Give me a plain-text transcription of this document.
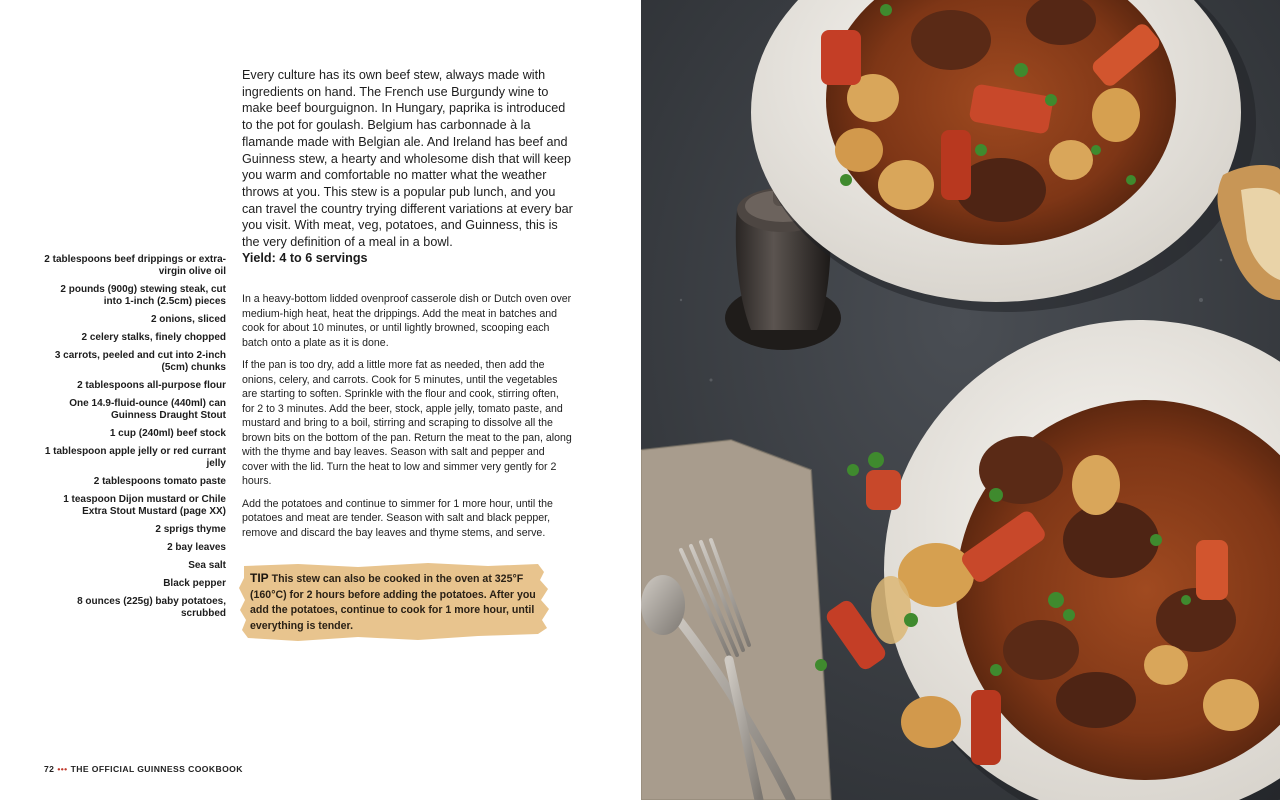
2 tablespoons beef drippings or extra-virgin olive oil
2 pounds (900g) stewing steak, cut into 1-inch (2.5cm) pieces
2 onions, sliced
2 celery stalks, finely chopped
3 carrots, peeled and cut into 2-inch (5cm) chunks
2 tablespoons all-purpose flour
One 14.9-fluid-ounce (440ml) can Guinness Draught Stout
1 cup (240ml) beef stock
1 tablespoon apple jelly or red currant jelly
2 tablespoons tomato paste
1 teaspoon Dijon mustard or Chile Extra Stout Mustard (page XX)
2 sprigs thyme
2 bay leaves
Sea salt
Black pepper
8 ounces (225g) baby potatoes, scrubbed

Every culture has its own beef stew, always made with ingredients on hand. The French use Burgundy wine to make beef bourguignon. In Hungary, paprika is introduced to the pot for goulash. Belgium has carbonnade à la flamande made with Belgian ale. And Ireland has beef and Guinness stew, a hearty and wholesome dish that will keep you warm and comfortable no matter what the weather throws at you. This stew is a popular pub lunch, and you can travel the country trying different variations at every bar you visit. With meat, veg, potatoes, and Guinness, this is the very definition of a meal in a bowl.

Yield: 4 to 6 servings

In a heavy-bottom lidded ovenproof casserole dish or Dutch oven over medium-high heat, heat the drippings. Add the meat in batches and cook for about 10 minutes, or until lightly browned, scooping each batch onto a plate as it is done.

If the pan is too dry, add a little more fat as needed, then add the onions, celery, and carrots. Cook for 5 minutes, until the vegetables are starting to soften. Sprinkle with the flour and cook, stirring often, for 2 to 3 minutes. Add the beer, stock, apple jelly, tomato paste, and mustard and bring to a boil, stirring and scraping to dissolve all the brown bits on the bottom of the pan. Return the meat to the pan, along with the thyme and bay leaves. Season with salt and pepper and cover with the lid. Turn the heat to low and simmer very gently for 2 hours.

Add the potatoes and continue to simmer for 1 more hour, until the potatoes and meat are tender. Season with salt and black pepper, remove and discard the bay leaves and thyme stems, and serve.

TIP This stew can also be cooked in the oven at 325°F (160°C) for 2 hours before adding the potatoes. After you add the potatoes, continue to cook for 1 more hour, until everything is tender.
72 ••• THE OFFICIAL GUINNESS COOKBOOK
